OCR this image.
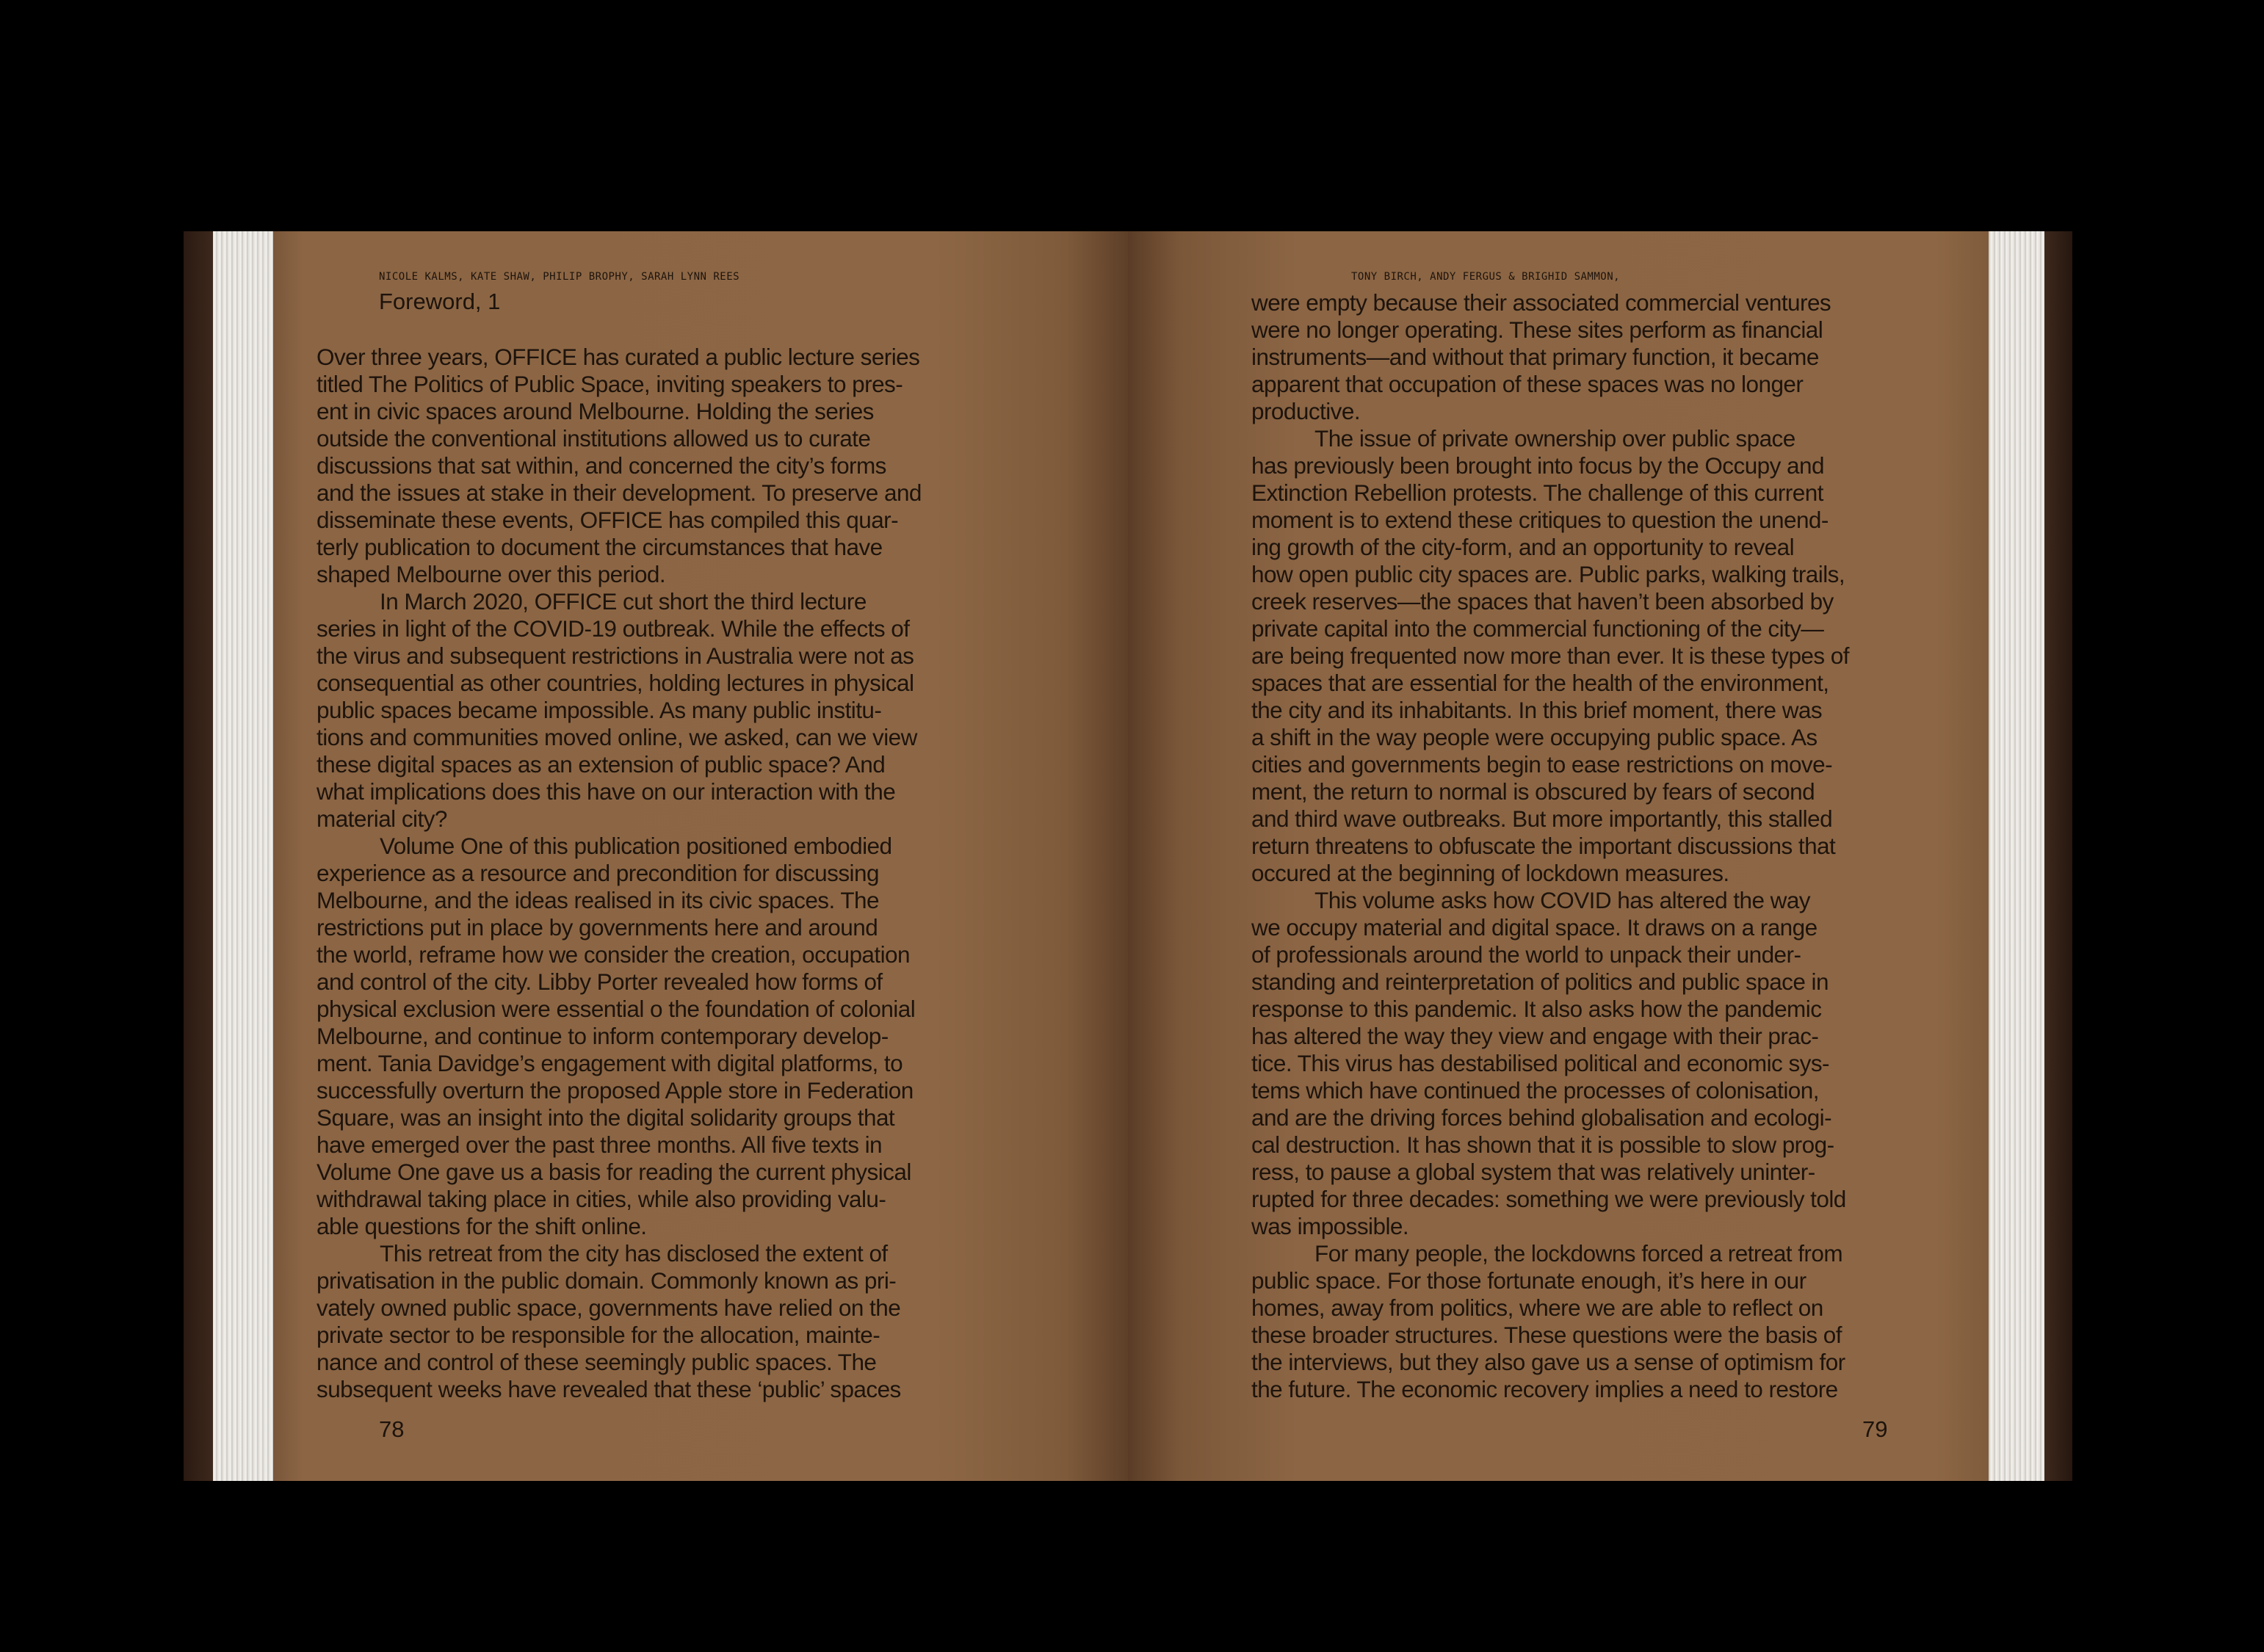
NICOLE KALMS, KATE SHAW, PHILIP BROPHY, SARAH LYNN REES
Foreword, 1

Over three years, OFFICE has curated a public lecture series

titled The Politics of Public Space, inviting speakers to pres-

ent in civic spaces around Melbourne. Holding the series

outside the conventional institutions allowed us to curate

discussions that sat within, and concerned the city’s forms

and the issues at stake in their development. To preserve and

disseminate these events, OFFICE has compiled this quar-

terly publication to document the circumstances that have

shaped Melbourne over this period.

In March 2020, OFFICE cut short the third lecture

series in light of the COVID-19 outbreak. While the effects of

the virus and subsequent restrictions in Australia were not as

consequential as other countries, holding lectures in physical

public spaces became impossible. As many public institu-

tions and communities moved online, we asked, can we view

these digital spaces as an extension of public space? And

what implications does this have on our interaction with the

material city?

Volume One of this publication positioned embodied

experience as a resource and precondition for discussing

Melbourne, and the ideas realised in its civic spaces. The

restrictions put in place by governments here and around

the world, reframe how we consider the creation, occupation

and control of the city. Libby Porter revealed how forms of

physical exclusion were essential o the foundation of colonial

Melbourne, and continue to inform contemporary develop-

ment. Tania Davidge’s engagement with digital platforms, to

successfully overturn the proposed Apple store in Federation

Square, was an insight into the digital solidarity groups that

have emerged over the past three months. All five texts in

Volume One gave us a basis for reading the current physical

withdrawal taking place in cities, while also providing valu-

able questions for the shift online.

This retreat from the city has disclosed the extent of

privatisation in the public domain. Commonly known as pri-

vately owned public space, governments have relied on the

private sector to be responsible for the allocation, mainte-

nance and control of these seemingly public spaces. The

subsequent weeks have revealed that these ‘public’ spaces

78
TONY BIRCH, ANDY FERGUS & BRIGHID SAMMON,

were empty because their associated commercial ventures

were no longer operating. These sites perform as financial

instruments—and without that primary function, it became

apparent that occupation of these spaces was no longer

productive.

The issue of private ownership over public space

has previously been brought into focus by the Occupy and

Extinction Rebellion protests. The challenge of this current

moment is to extend these critiques to question the unend-

ing growth of the city-form, and an opportunity to reveal

how open public city spaces are. Public parks, walking trails,

creek reserves—the spaces that haven’t been absorbed by

private capital into the commercial functioning of the city—

are being frequented now more than ever. It is these types of

spaces that are essential for the health of the environment,

the city and its inhabitants. In this brief moment, there was

a shift in the way people were occupying public space. As

cities and governments begin to ease restrictions on move-

ment, the return to normal is obscured by fears of second

and third wave outbreaks. But more importantly, this stalled

return threatens to obfuscate the important discussions that

occured at the beginning of lockdown measures.

This volume asks how COVID has altered the way

we occupy material and digital space. It draws on a range

of professionals around the world to unpack their under-

standing and reinterpretation of politics and public space in

response to this pandemic. It also asks how the pandemic

has altered the way they view and engage with their prac-

tice. This virus has destabilised political and economic sys-

tems which have continued the processes of colonisation,

and are the driving forces behind globalisation and ecologi-

cal destruction. It has shown that it is possible to slow prog-

ress, to pause a global system that was relatively uninter-

rupted for three decades: something we were previously told

was impossible.

For many people, the lockdowns forced a retreat from

public space. For those fortunate enough, it’s here in our

homes, away from politics, where we are able to reflect on

these broader structures. These questions were the basis of

the interviews, but they also gave us a sense of optimism for

the future. The economic recovery implies a need to restore

79
